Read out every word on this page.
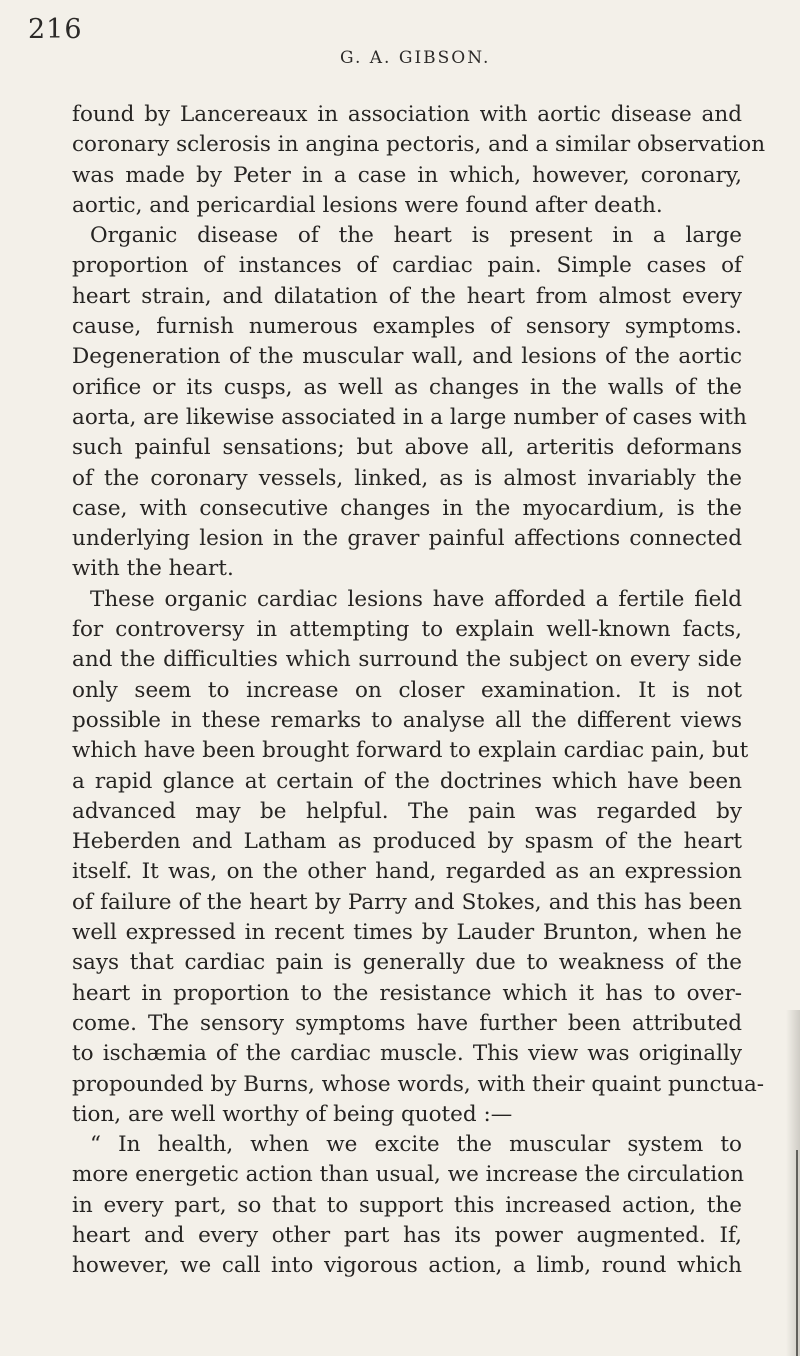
216
G. A. GIBSON.
found by Lancereaux in association with aortic disease and
coronary sclerosis in angina pectoris, and a similar observation
was made by Peter in a case in which, however, coronary,
aortic, and pericardial lesions were found after death.
Organic disease of the heart is present in a large
proportion of instances of cardiac pain. Simple cases of
heart strain, and dilatation of the heart from almost every
cause, furnish numerous examples of sensory symptoms.
Degeneration of the muscular wall, and lesions of the aortic
orifice or its cusps, as well as changes in the walls of the
aorta, are likewise associated in a large number of cases with
such painful sensations; but above all, arteritis deformans
of the coronary vessels, linked, as is almost invariably the
case, with consecutive changes in the myocardium, is the
underlying lesion in the graver painful affections connected
with the heart.
These organic cardiac lesions have afforded a fertile field
for controversy in attempting to explain well-known facts,
and the difficulties which surround the subject on every side
only seem to increase on closer examination. It is not
possible in these remarks to analyse all the different views
which have been brought forward to explain cardiac pain, but
a rapid glance at certain of the doctrines which have been
advanced may be helpful. The pain was regarded by
Heberden and Latham as produced by spasm of the heart
itself. It was, on the other hand, regarded as an expression
of failure of the heart by Parry and Stokes, and this has been
well expressed in recent times by Lauder Brunton, when he
says that cardiac pain is generally due to weakness of the
heart in proportion to the resistance which it has to over-
come. The sensory symptoms have further been attributed
to ischæmia of the cardiac muscle. This view was originally
propounded by Burns, whose words, with their quaint punctua-
tion, are well worthy of being quoted :—
“ In health, when we excite the muscular system to
more energetic action than usual, we increase the circulation
in every part, so that to support this increased action, the
heart and every other part has its power augmented. If,
however, we call into vigorous action, a limb, round which
